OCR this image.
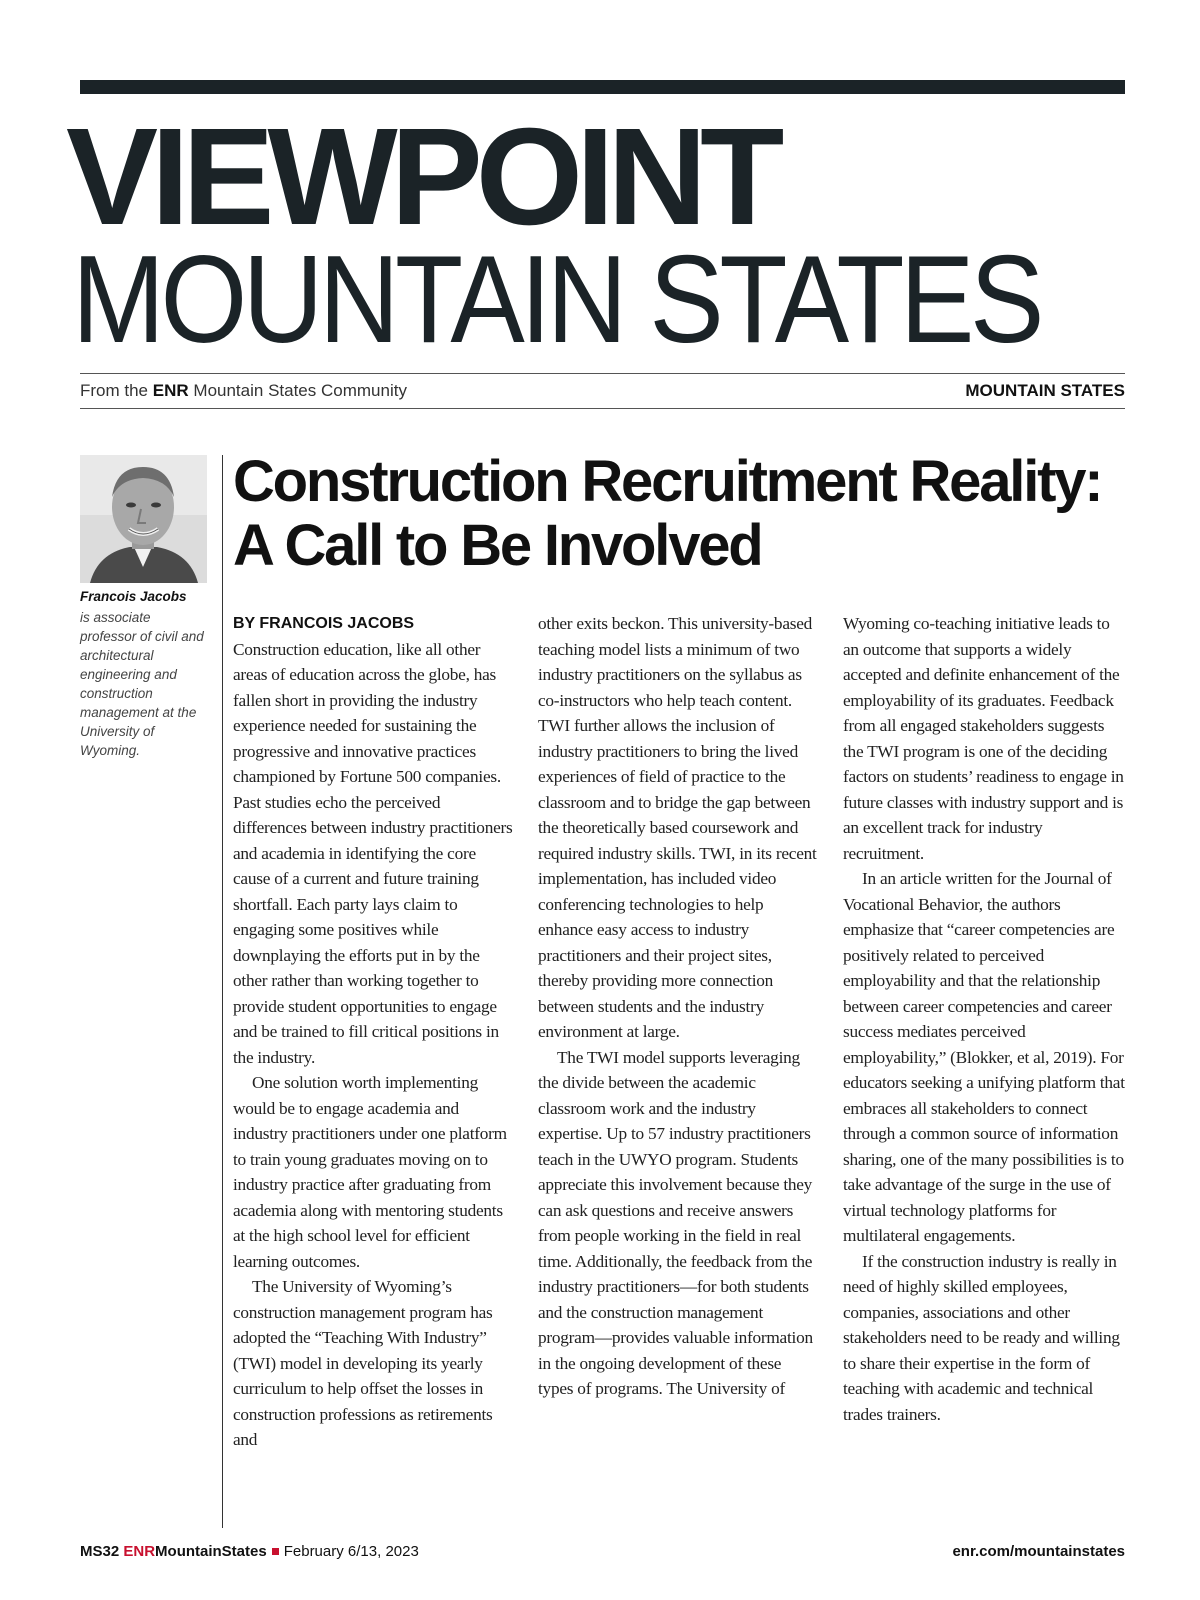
VIEWPOINT
MOUNTAIN STATES
From the ENR Mountain States Community	MOUNTAIN STATES
Francois Jacobs
is associate professor of civil and architectural engineering and construction management at the University of Wyoming.
Construction Recruitment Reality: A Call to Be Involved
BY FRANCOIS JACOBS

Construction education, like all other areas of education across the globe, has fallen short in providing the industry experience needed for sustaining the progressive and innovative practices championed by Fortune 500 companies. Past studies echo the perceived differences between industry practitioners and academia in identifying the core cause of a current and future training shortfall. Each party lays claim to engaging some positives while downplaying the efforts put in by the other rather than working together to provide student opportunities to engage and be trained to fill critical positions in the industry.

One solution worth implementing would be to engage academia and industry practitioners under one platform to train young graduates moving on to industry practice after graduating from academia along with mentoring students at the high school level for efficient learning outcomes.

The University of Wyoming’s construction management program has adopted the “Teaching With Industry” (TWI) model in developing its yearly curriculum to help offset the losses in construction professions as retirements and

other exits beckon. This university-based teaching model lists a minimum of two industry practitioners on the syllabus as co-instructors who help teach content. TWI further allows the inclusion of industry practitioners to bring the lived experiences of field of practice to the classroom and to bridge the gap between the theoretically based coursework and required industry skills. TWI, in its recent implementation, has included video conferencing technologies to help enhance easy access to industry practitioners and their project sites, thereby providing more connection between students and the industry environment at large.

The TWI model supports leveraging the divide between the academic classroom work and the industry expertise. Up to 57 industry practitioners teach in the UWYO program. Students appreciate this involvement because they can ask questions and receive answers from people working in the field in real time. Additionally, the feedback from the industry practitioners—for both students and the construction management program—provides valuable information in the ongoing development of these types of programs. The University of

Wyoming co-teaching initiative leads to an outcome that supports a widely accepted and definite enhancement of the employability of its graduates. Feedback from all engaged stakeholders suggests the TWI program is one of the deciding factors on students’ readiness to engage in future classes with industry support and is an excellent track for industry recruitment.

In an article written for the Journal of Vocational Behavior, the authors emphasize that “career competencies are positively related to perceived employability and that the relationship between career competencies and career success mediates perceived employability,” (Blokker, et al, 2019). For educators seeking a unifying platform that embraces all stakeholders to connect through a common source of information sharing, one of the many possibilities is to take advantage of the surge in the use of virtual technology platforms for multilateral engagements.

If the construction industry is really in need of highly skilled employees, companies, associations and other stakeholders need to be ready and willing to share their expertise in the form of teaching with academic and technical trades trainers.

MS32 ENRMountainStates February 6/13, 2023	enr.com/mountainstates
